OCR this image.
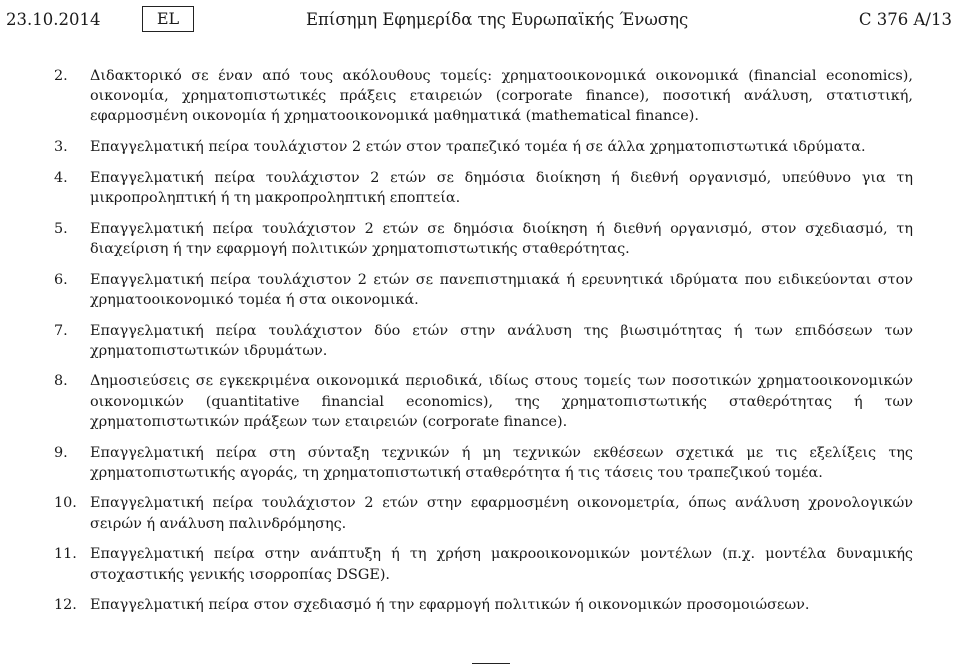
23.10.2014	EL	Επίσημη Εφημερίδα της Ευρωπαϊκής Ένωσης	C 376 A/13
2. Διδακτορικό σε έναν από τους ακόλουθους τομείς: χρηματοοικονομικά οικονομικά (financial economics), οικονομία, χρηματοπιστωτικές πράξεις εταιρειών (corporate finance), ποσοτική ανάλυση, στατιστική, εφαρμοσμένη οικονομία ή χρηματοοικονομικά μαθηματικά (mathematical finance).
3. Επαγγελματική πείρα τουλάχιστον 2 ετών στον τραπεζικό τομέα ή σε άλλα χρηματοπιστωτικά ιδρύματα.
4. Επαγγελματική πείρα τουλάχιστον 2 ετών σε δημόσια διοίκηση ή διεθνή οργανισμό, υπεύθυνο για τη μικροπροληπτική ή τη μακροπροληπτική εποπτεία.
5. Επαγγελματική πείρα τουλάχιστον 2 ετών σε δημόσια διοίκηση ή διεθνή οργανισμό, στον σχεδιασμό, τη διαχείριση ή την εφαρμογή πολιτικών χρηματοπιστωτικής σταθερότητας.
6. Επαγγελματική πείρα τουλάχιστον 2 ετών σε πανεπιστημιακά ή ερευνητικά ιδρύματα που ειδικεύονται στον χρηματοοικονομικό τομέα ή στα οικονομικά.
7. Επαγγελματική πείρα τουλάχιστον δύο ετών στην ανάλυση της βιωσιμότητας ή των επιδόσεων των χρηματοπιστωτικών ιδρυμάτων.
8. Δημοσιεύσεις σε εγκεκριμένα οικονομικά περιοδικά, ιδίως στους τομείς των ποσοτικών χρηματοοικονομικών οικονομικών (quantitative financial economics), της χρηματοπιστωτικής σταθερότητας ή των χρηματοπιστωτικών πράξεων των εταιρειών (corporate finance).
9. Επαγγελματική πείρα στη σύνταξη τεχνικών ή μη τεχνικών εκθέσεων σχετικά με τις εξελίξεις της χρηματοπιστωτικής αγοράς, τη χρηματοπιστωτική σταθερότητα ή τις τάσεις του τραπεζικού τομέα.
10. Επαγγελματική πείρα τουλάχιστον 2 ετών στην εφαρμοσμένη οικονομετρία, όπως ανάλυση χρονολογικών σειρών ή ανάλυση παλινδρόμησης.
11. Επαγγελματική πείρα στην ανάπτυξη ή τη χρήση μακροοικονομικών μοντέλων (π.χ. μοντέλα δυναμικής στοχαστικής γενικής ισορροπίας DSGE).
12. Επαγγελματική πείρα στον σχεδιασμό ή την εφαρμογή πολιτικών ή οικονομικών προσομοιώσεων.
